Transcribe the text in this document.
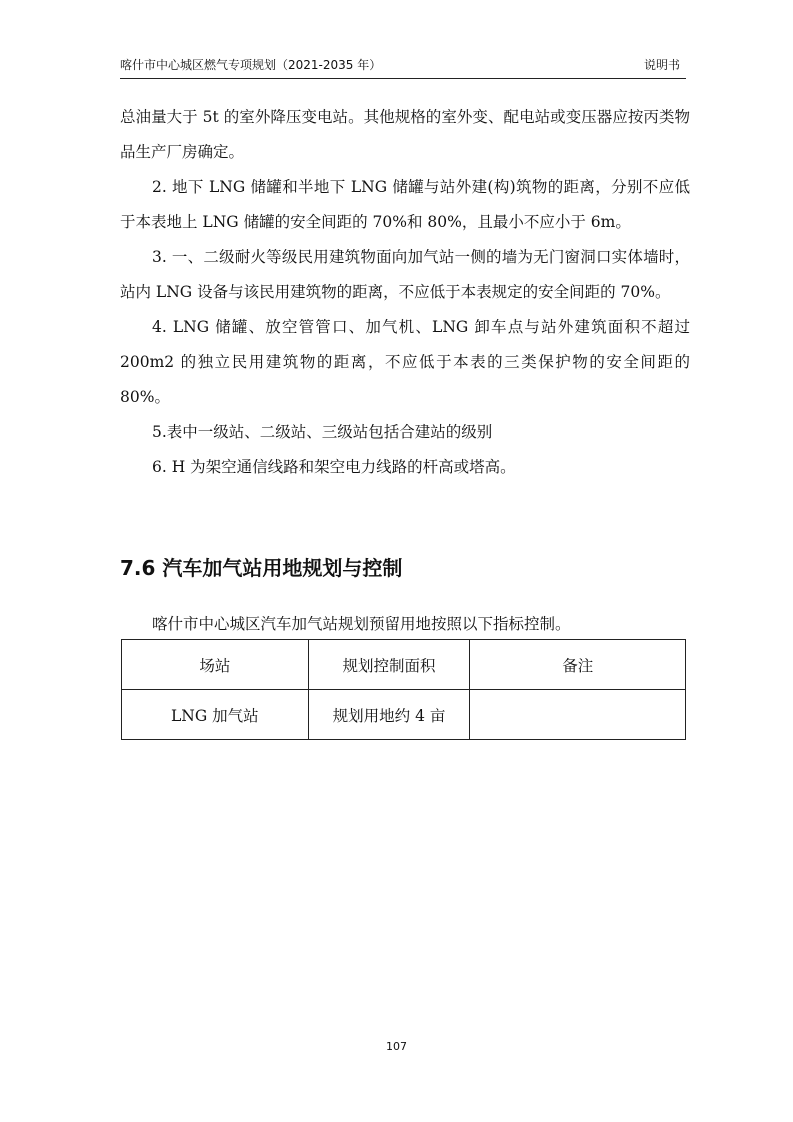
喀什市中心城区燃气专项规划（2021-2035 年）	说明书

总油量大于 5t 的室外降压变电站。其他规格的室外变、配电站或变压器应按丙类物品生产厂房确定。

2. 地下 LNG 储罐和半地下 LNG 储罐与站外建(构)筑物的距离，分别不应低于本表地上 LNG 储罐的安全间距的 70%和 80%，且最小不应小于 6m。

3. 一、二级耐火等级民用建筑物面向加气站一侧的墙为无门窗洞口实体墙时，站内 LNG 设备与该民用建筑物的距离，不应低于本表规定的安全间距的 70%。

4. LNG 储罐、放空管管口、加气机、LNG 卸车点与站外建筑面积不超过 200m2 的独立民用建筑物的距离，不应低于本表的三类保护物的安全间距的 80%。

5.表中一级站、二级站、三级站包括合建站的级别

6. H 为架空通信线路和架空电力线路的杆高或塔高。

7.6 汽车加气站用地规划与控制
喀什市中心城区汽车加气站规划预留用地按照以下指标控制。
场站	规划控制面积	备注
LNG 加气站	规划用地约 4 亩	
107
